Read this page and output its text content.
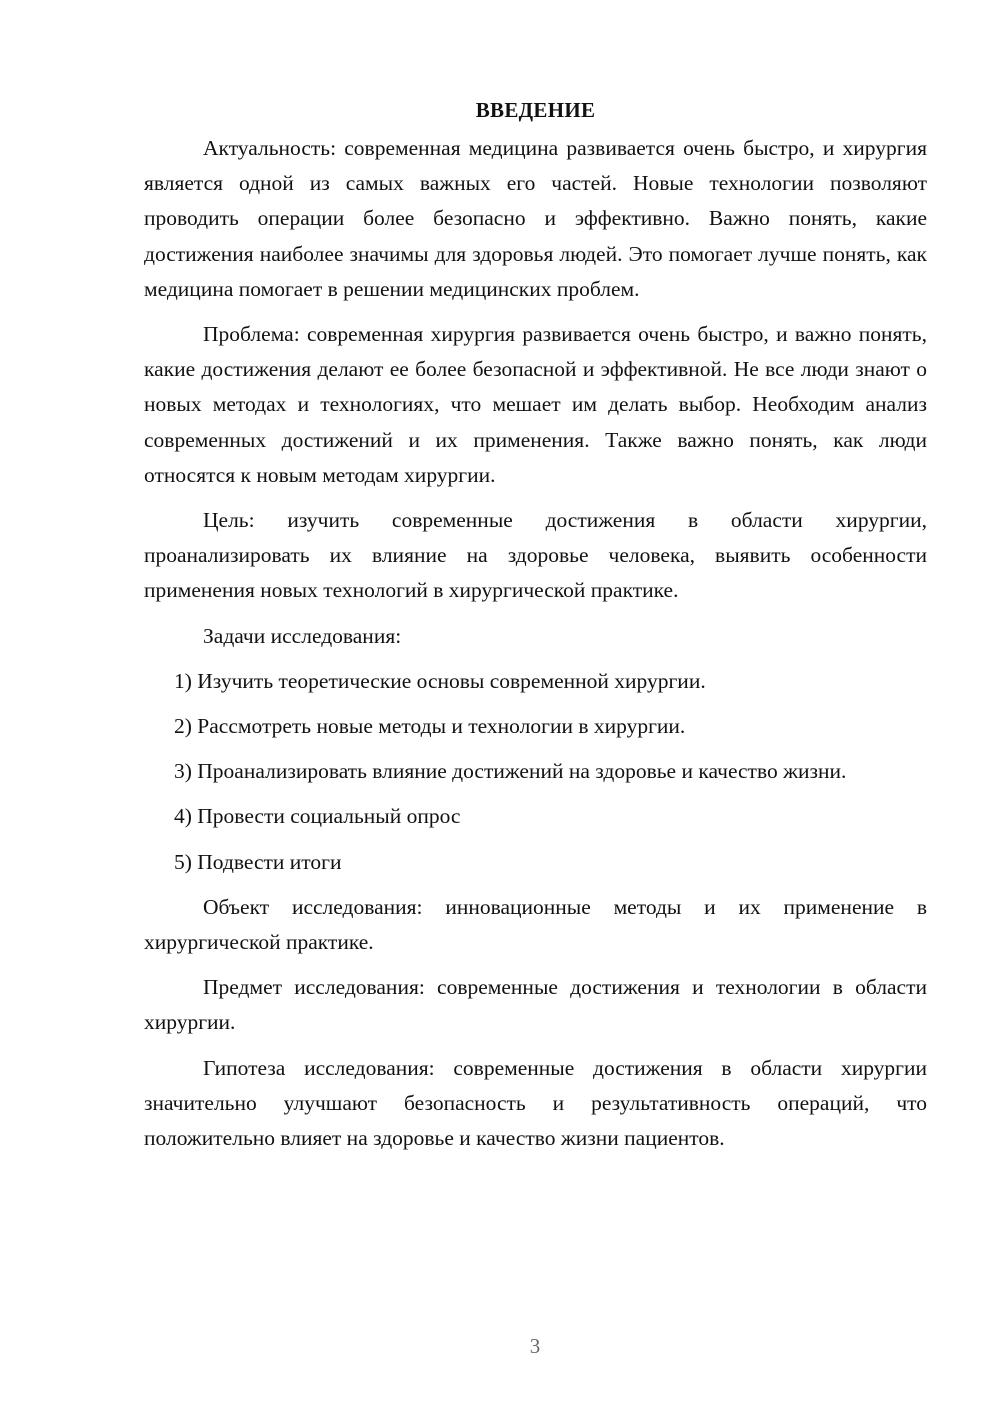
ВВЕДЕНИЕ

Актуальность: современная медицина развивается очень быстро, и хирургия является одной из самых важных его частей. Новые технологии позволяют проводить операции более безопасно и эффективно. Важно понять, какие достижения наиболее значимы для здоровья людей. Это помогает лучше понять, как медицина помогает в решении медицинских проблем.

Проблема: современная хирургия развивается очень быстро, и важно понять, какие достижения делают ее более безопасной и эффективной. Не все люди знают о новых методах и технологиях, что мешает им делать выбор. Необходим анализ современных достижений и их применения. Также важно понять, как люди относятся к новым методам хирургии.

Цель: изучить современные достижения в области хирургии, проанализировать их влияние на здоровье человека, выявить особенности применения новых технологий в хирургической практике.

Задачи исследования:

1) Изучить теоретические основы современной хирургии.

2) Рассмотреть новые методы и технологии в хирургии.

3) Проанализировать влияние достижений на здоровье и качество жизни.

4) Провести социальный опрос

5) Подвести итоги

Объект исследования: инновационные методы и их применение в хирургической практике.

Предмет исследования: современные достижения и технологии в области хирургии.

Гипотеза исследования: современные достижения в области хирургии значительно улучшают безопасность и результативность операций, что положительно влияет на здоровье и качество жизни пациентов.

3
